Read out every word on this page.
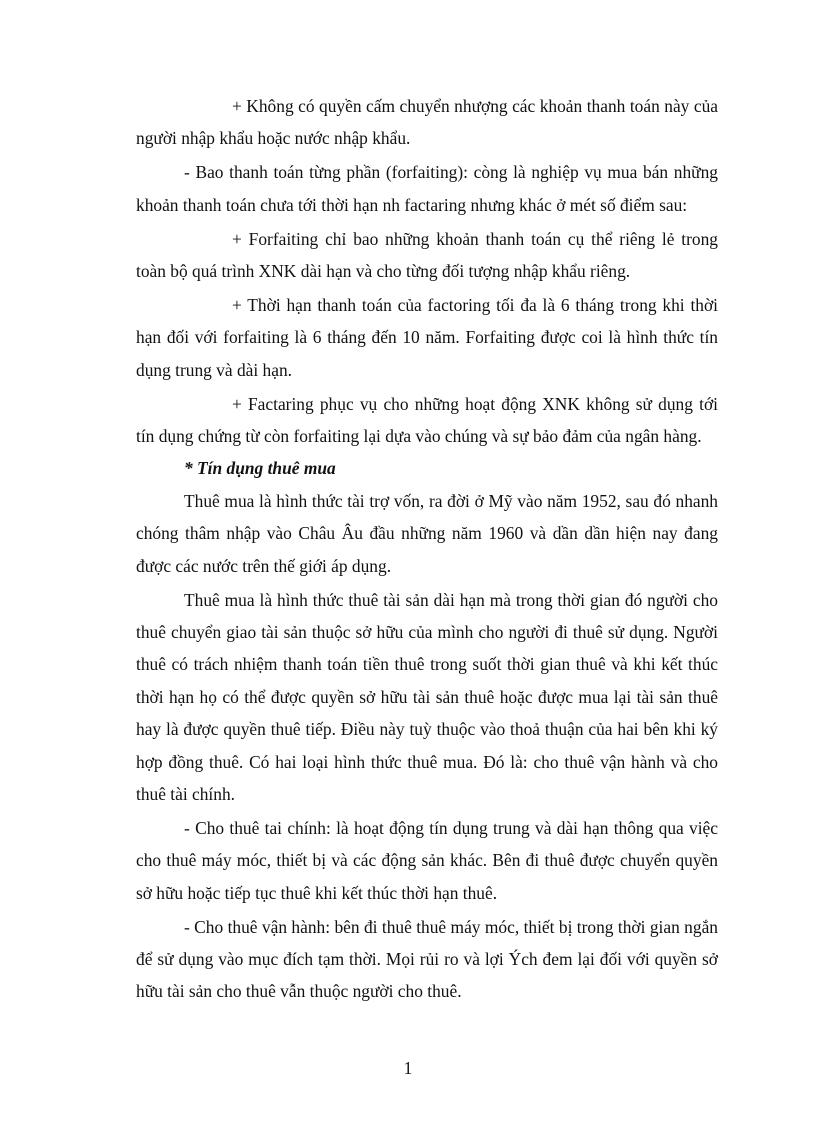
+ Không có quyền cấm chuyển nhượng các khoản thanh toán này của người nhập khẩu hoặc nước nhập khẩu.

- Bao thanh toán từng phần (forfaiting): còng là nghiệp vụ mua bán những khoản thanh toán chưa tới thời hạn nh factaring nhưng khác ở mét số điểm sau:

+ Forfaiting chỉ bao những khoản thanh toán cụ thể riêng lẻ trong toàn bộ quá trình XNK dài hạn và cho từng đối tượng nhập khẩu riêng.

+ Thời hạn thanh toán của factoring tối đa là 6 tháng trong khi thời hạn đối với forfaiting là 6 tháng đến 10 năm. Forfaiting được coi là hình thức tín dụng trung và dài hạn.

+ Factaring phục vụ cho những hoạt động XNK không sử dụng tới tín dụng chứng từ còn forfaiting lại dựa vào chúng và sự bảo đảm của ngân hàng.

* Tín dụng thuê mua

Thuê mua là hình thức tài trợ vốn, ra đời ở Mỹ vào năm 1952, sau đó nhanh chóng thâm nhập vào Châu Âu đầu những năm 1960 và dần dần hiện nay đang được các nước trên thế giới áp dụng.

Thuê mua là hình thức thuê tài sản dài hạn mà trong thời gian đó người cho thuê chuyển giao tài sản thuộc sở hữu của mình cho người đi thuê sử dụng. Người thuê có trách nhiệm thanh toán tiền thuê trong suốt thời gian thuê và khi kết thúc thời hạn họ có thể được quyền sở hữu tài sản thuê hoặc được mua lại tài sản thuê hay là được quyền thuê tiếp. Điều này tuỳ thuộc vào thoả thuận của hai bên khi ký hợp đồng thuê. Có hai loại hình thức thuê mua. Đó là: cho thuê vận hành và cho thuê tài chính.

- Cho thuê tai chính: là hoạt động tín dụng trung và dài hạn thông qua việc cho thuê máy móc, thiết bị và các động sản khác. Bên đi thuê được chuyển quyền sở hữu hoặc tiếp tục thuê khi kết thúc thời hạn thuê.

- Cho thuê vận hành: bên đi thuê thuê máy móc, thiết bị trong thời gian ngắn để sử dụng vào mục đích tạm thời. Mọi rủi ro và lợi Ých đem lại đối với quyền sở hữu tài sản cho thuê vẫn thuộc người cho thuê.

1
